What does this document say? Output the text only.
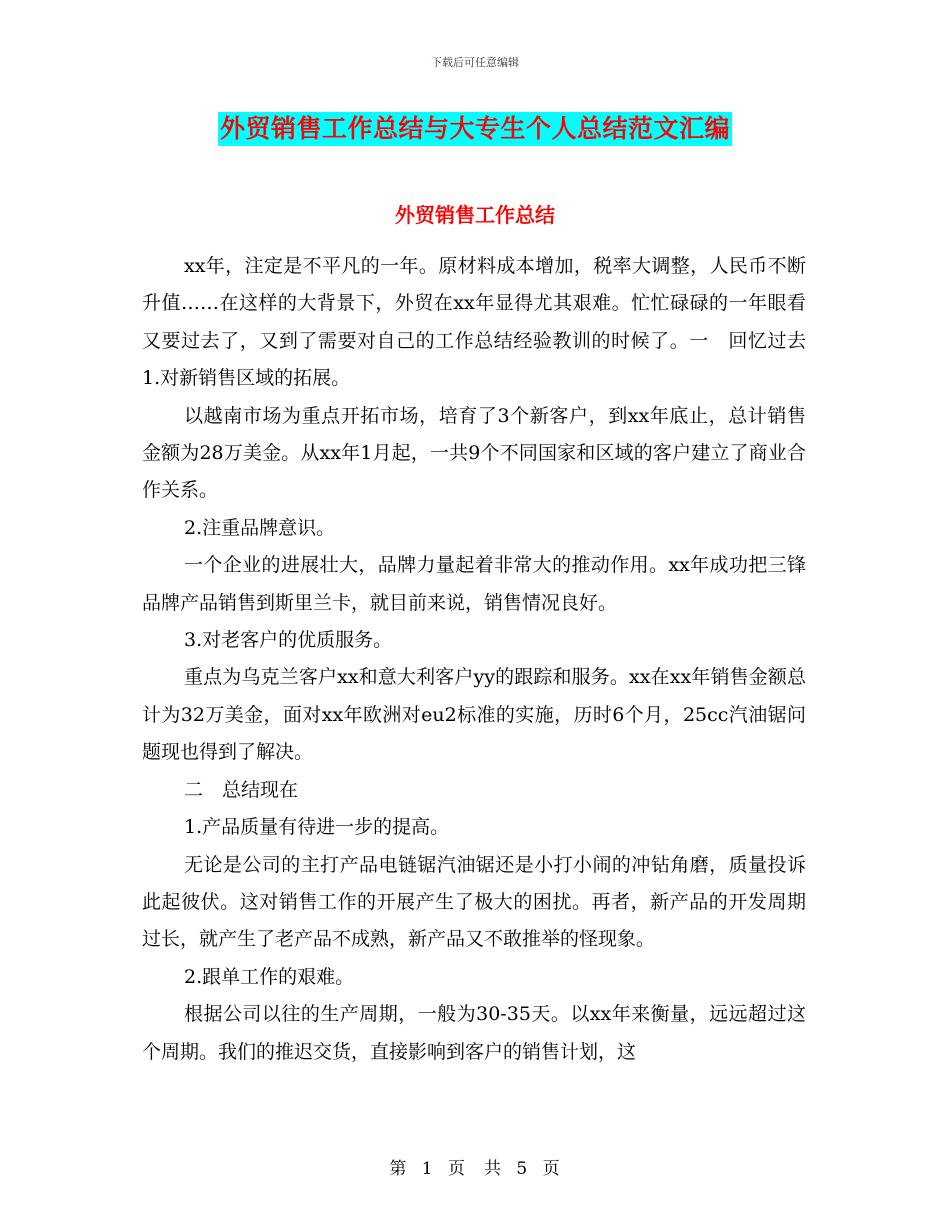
下载后可任意编辑
外贸销售工作总结与大专生个人总结范文汇编
外贸销售工作总结

xx年，注定是不平凡的一年。原材料成本增加，税率大调整，人民币不断升值……在这样的大背景下，外贸在xx年显得尤其艰难。忙忙碌碌的一年眼看又要过去了，又到了需要对自己的工作总结经验教训的时候了。一　回忆过去1.对新销售区域的拓展。

以越南市场为重点开拓市场，培育了3个新客户，到xx年底止，总计销售金额为28万美金。从xx年1月起，一共9个不同国家和区域的客户建立了商业合作关系。

2.注重品牌意识。

一个企业的进展壮大，品牌力量起着非常大的推动作用。xx年成功把三锋品牌产品销售到斯里兰卡，就目前来说，销售情况良好。

3.对老客户的优质服务。

重点为乌克兰客户xx和意大利客户yy的跟踪和服务。xx在xx年销售金额总计为32万美金，面对xx年欧洲对eu2标准的实施，历时6个月，25cc汽油锯问题现也得到了解决。

二　总结现在

1.产品质量有待进一步的提高。

无论是公司的主打产品电链锯汽油锯还是小打小闹的冲钻角磨，质量投诉此起彼伏。这对销售工作的开展产生了极大的困扰。再者，新产品的开发周期过长，就产生了老产品不成熟，新产品又不敢推举的怪现象。

2.跟单工作的艰难。

根据公司以往的生产周期，一般为30-35天。以xx年来衡量，远远超过这个周期。我们的推迟交货，直接影响到客户的销售计划，这

第 1 页　共 5 页
